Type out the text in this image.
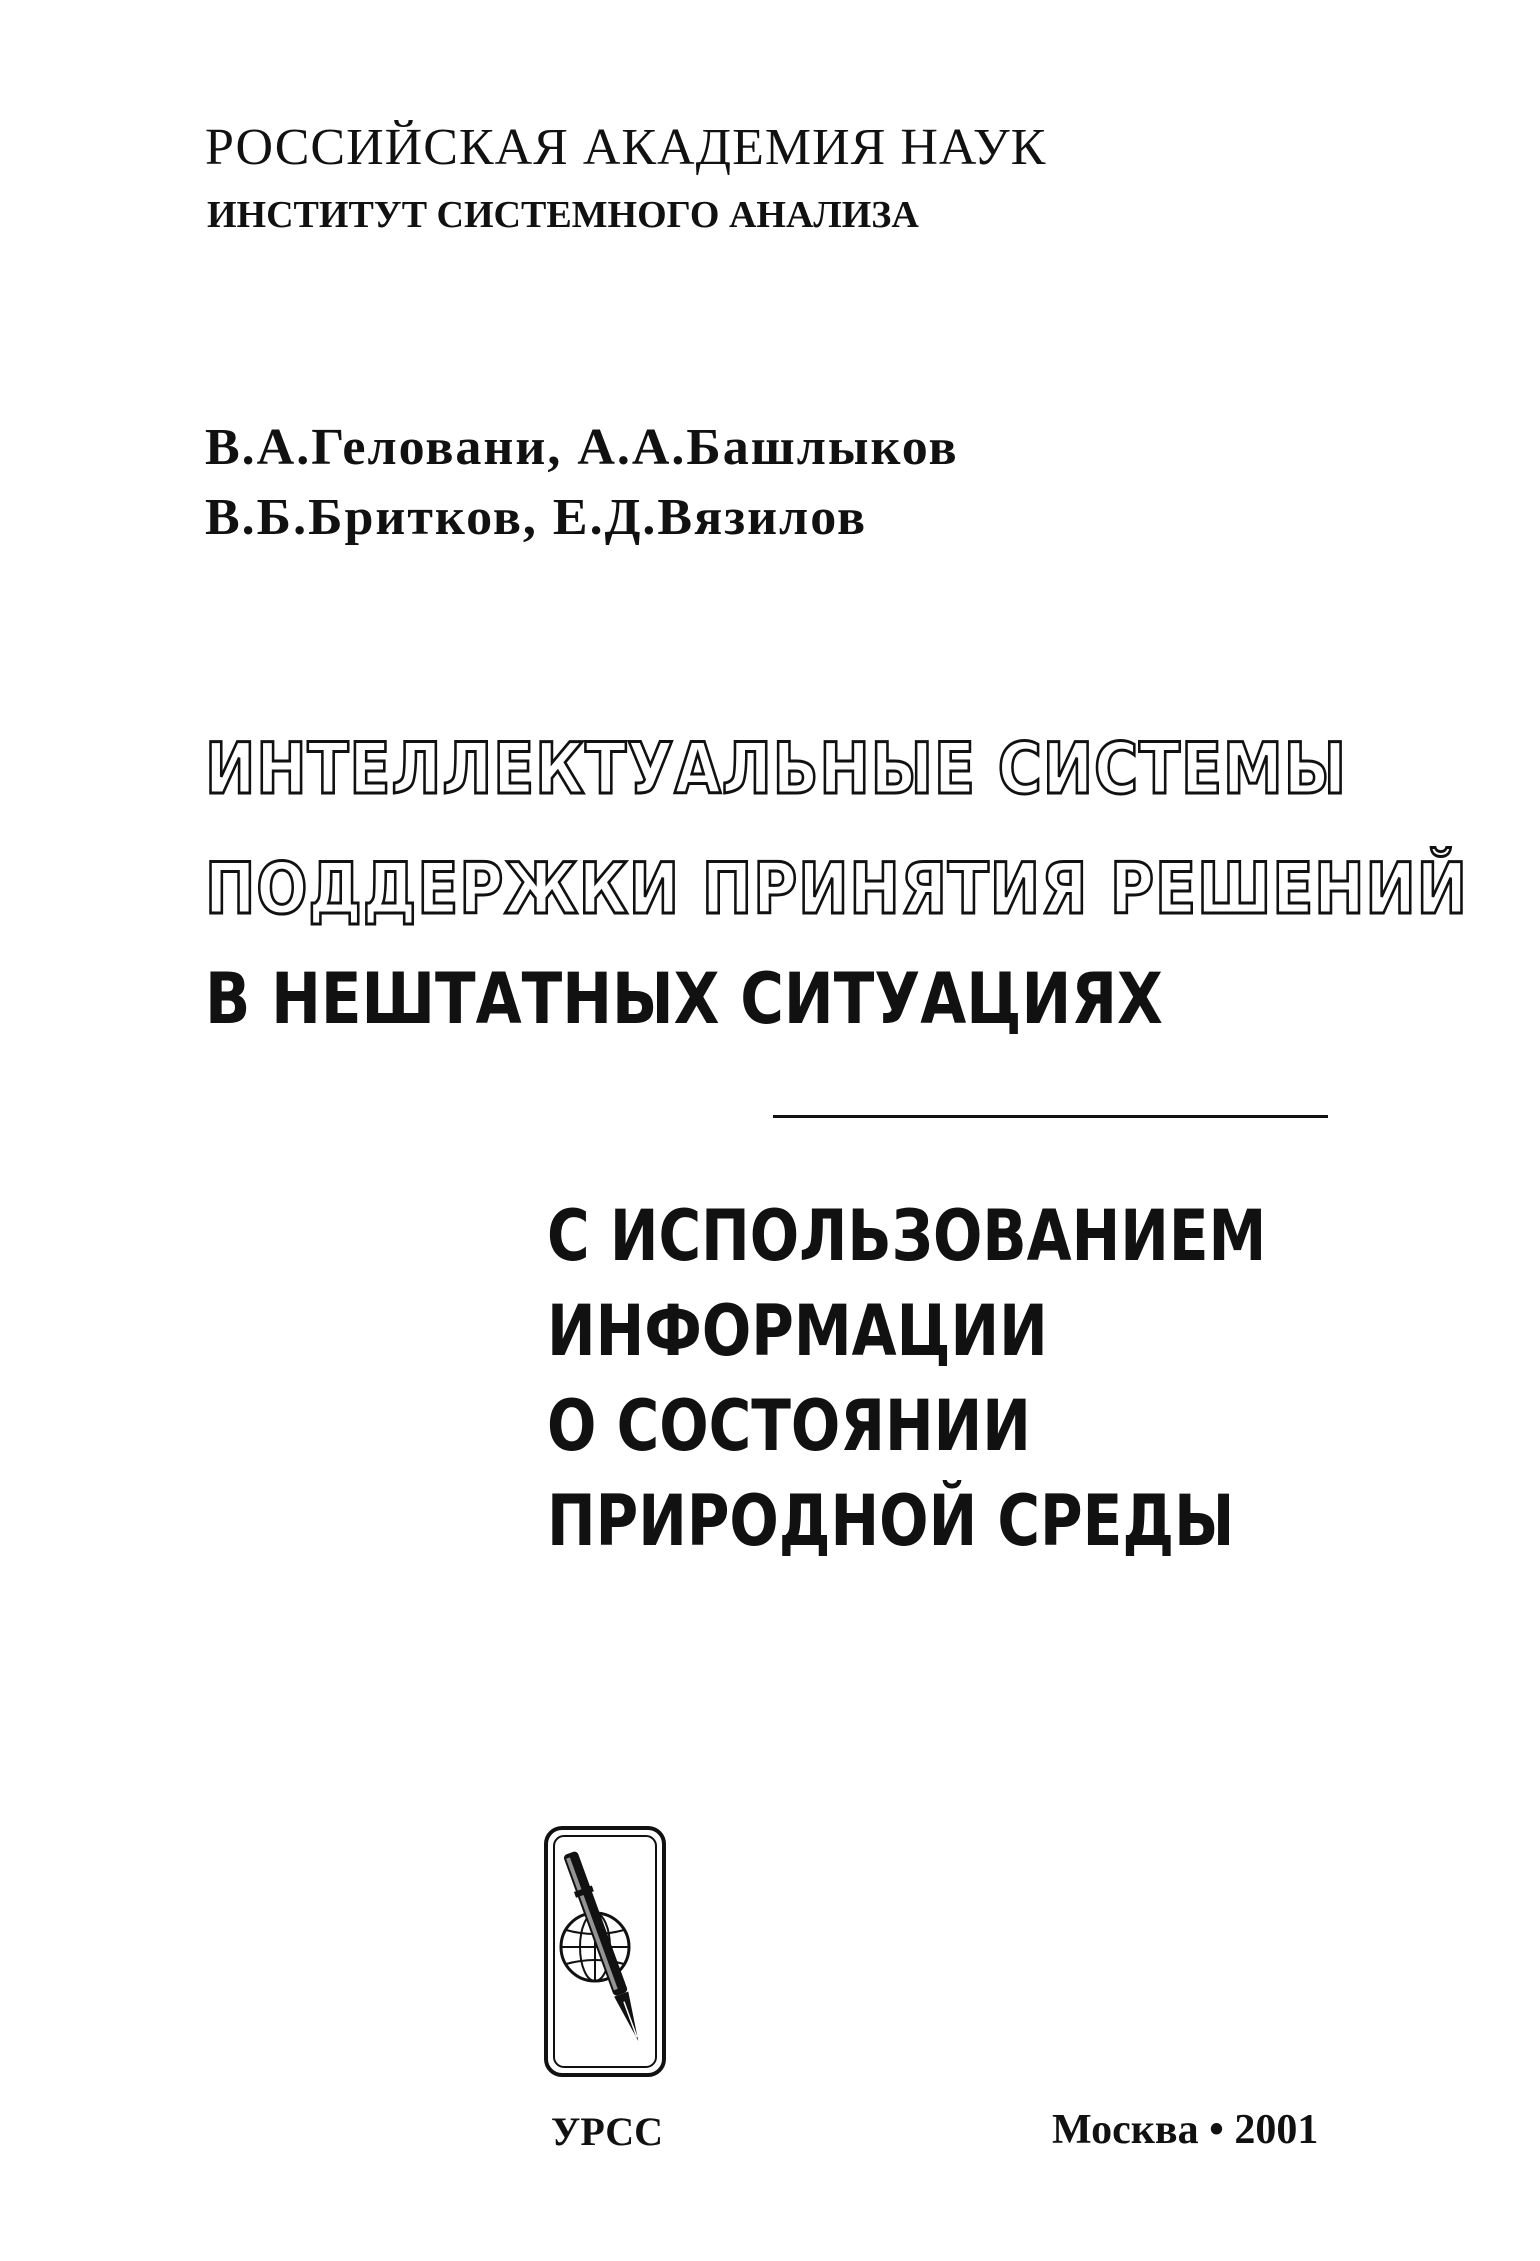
РОССИЙСКАЯ АКАДЕМИЯ НАУК
ИНСТИТУТ СИСТЕМНОГО АНАЛИЗА
В.А.Геловани, А.А.Башлыков
В.Б.Бритков, Е.Д.Вязилов
ИНТЕЛЛЕКТУАЛЬНЫЕ СИСТЕМЫ
ПОДДЕРЖКИ ПРИНЯТИЯ РЕШЕНИЙ
В НЕШТАТНЫХ СИТУАЦИЯХ
С ИСПОЛЬЗОВАНИЕМ
ИНФОРМАЦИИ
О СОСТОЯНИИ
ПРИРОДНОЙ СРЕДЫ
УРСС	Москва • 2001
